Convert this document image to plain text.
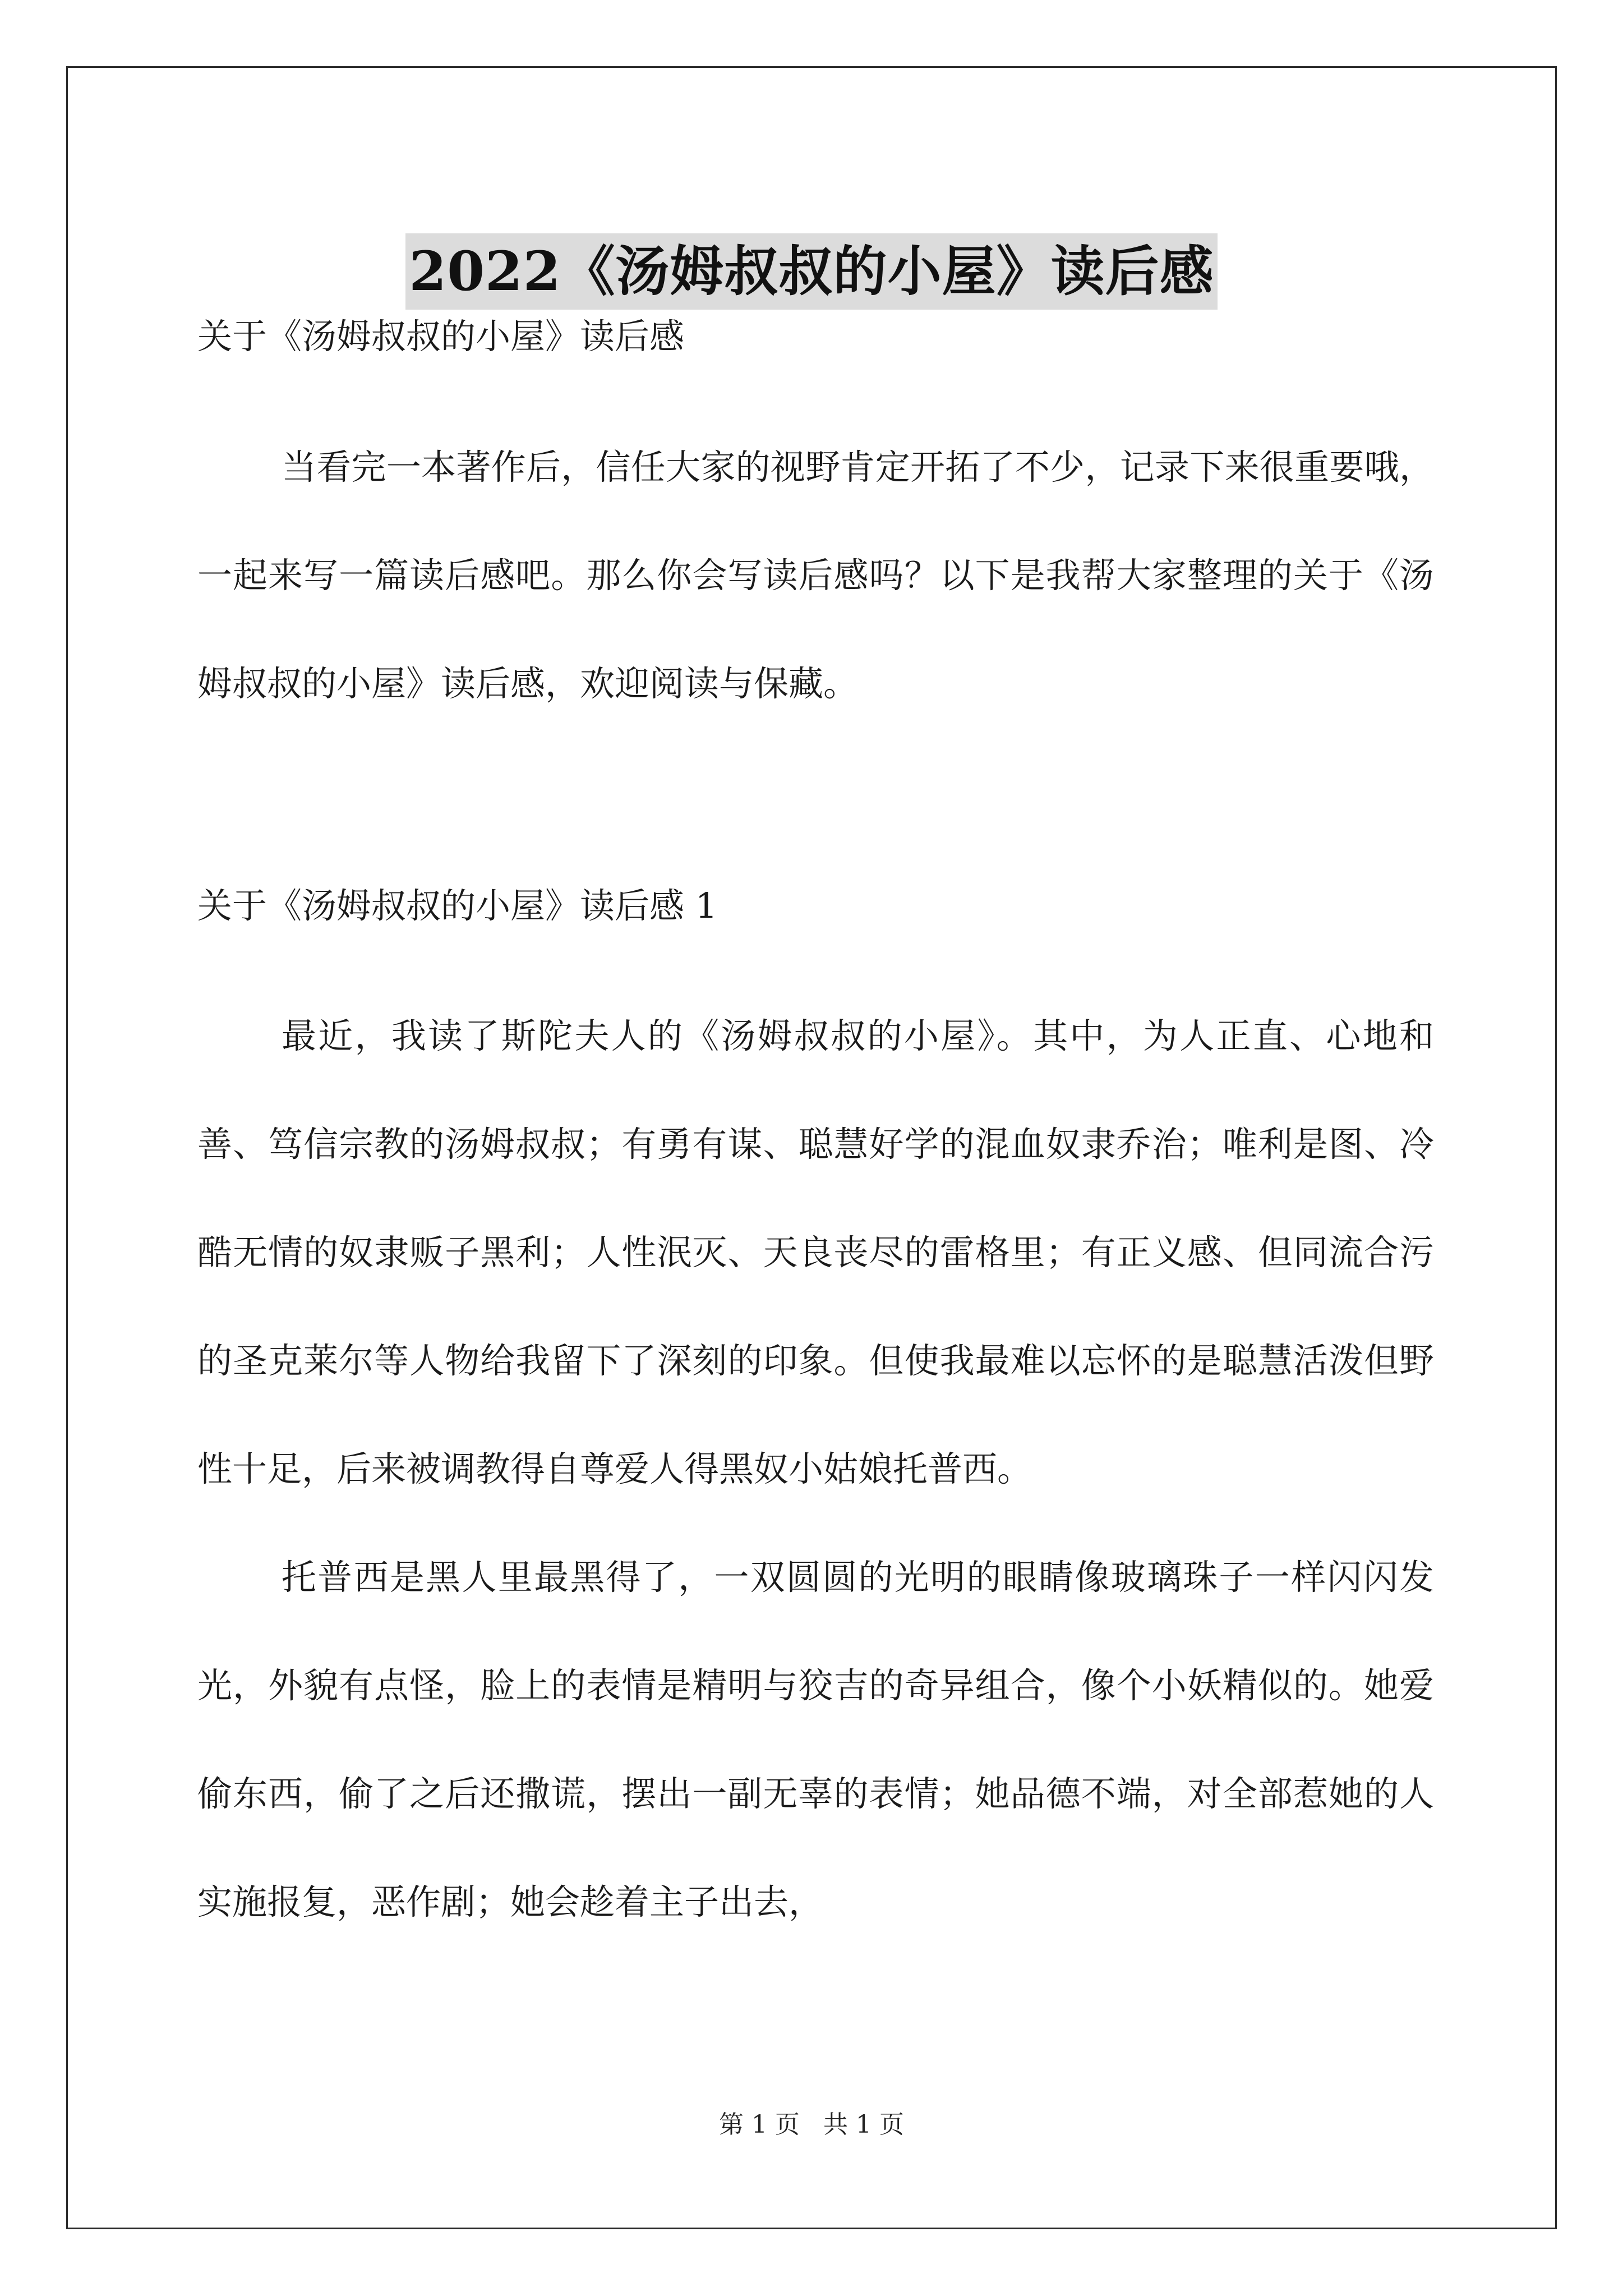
2022《汤姆叔叔的小屋》读后感

关于《汤姆叔叔的小屋》读后感

当看完一本著作后，信任大家的视野肯定开拓了不少，记录下来很重要哦，一起来写一篇读后感吧。那么你会写读后感吗？以下是我帮大家整理的关于《汤姆叔叔的小屋》读后感，欢迎阅读与保藏。

关于《汤姆叔叔的小屋》读后感 1

最近，我读了斯陀夫人的《汤姆叔叔的小屋》。其中，为人正直、心地和善、笃信宗教的汤姆叔叔；有勇有谋、聪慧好学的混血奴隶乔治；唯利是图、冷酷无情的奴隶贩子黑利；人性泯灭、天良丧尽的雷格里；有正义感、但同流合污的圣克莱尔等人物给我留下了深刻的印象。但使我最难以忘怀的是聪慧活泼但野性十足，后来被调教得自尊爱人得黑奴小姑娘托普西。

托普西是黑人里最黑得了，一双圆圆的光明的眼睛像玻璃珠子一样闪闪发光，外貌有点怪，脸上的表情是精明与狡吉的奇异组合，像个小妖精似的。她爱偷东西，偷了之后还撒谎，摆出一副无辜的表情；她品德不端，对全部惹她的人实施报复，恶作剧；她会趁着主子出去，

第 1 页   共 1 页
